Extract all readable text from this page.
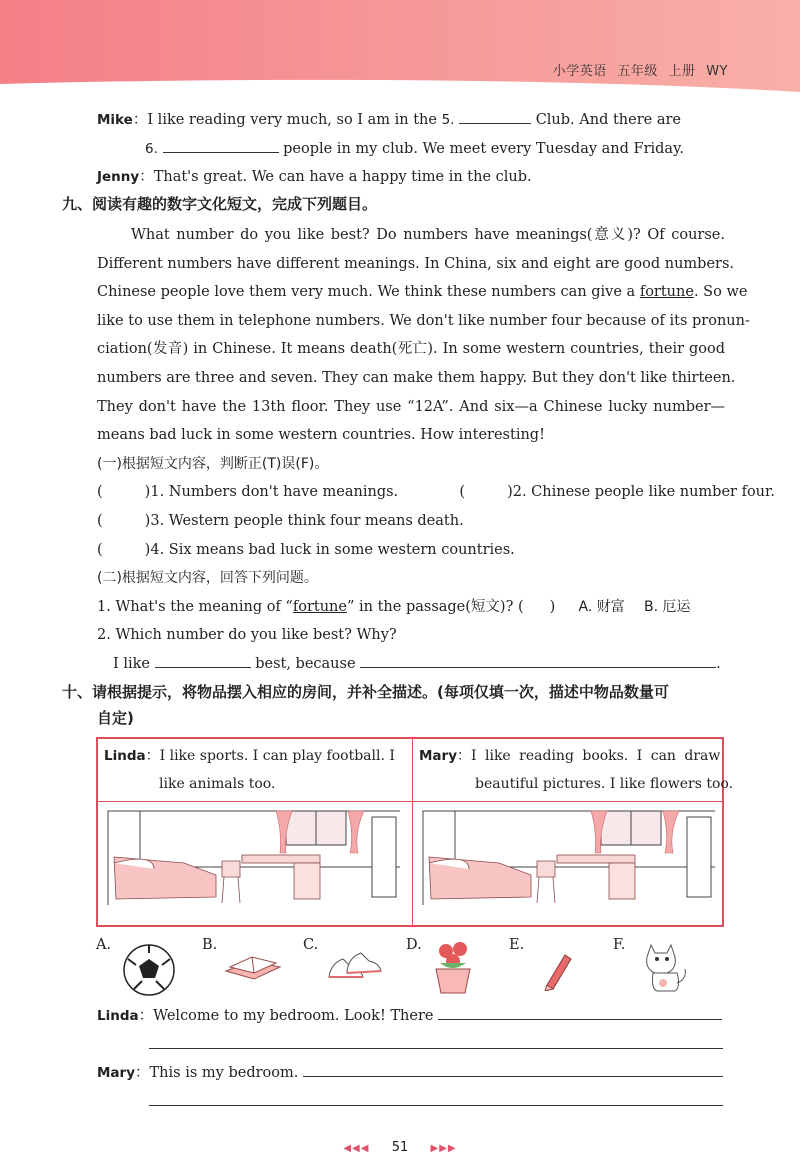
小学英语 五年级 上册 WY
Mike：I like reading very much, so I am in the 5.	Club. And there are
6.	people in my club. We meet every Tuesday and Friday.
Jenny：That's great. We can have a happy time in the club.
九、阅读有趣的数字文化短文，完成下列题目。
What number do you like best? Do numbers have meanings(意义)? Of course.
Different numbers have different meanings. In China, six and eight are good numbers.
Chinese people love them very much. We think these numbers can give a fortune. So we
like to use them in telephone numbers. We don't like number four because of its pronun-
ciation(发音) in Chinese. It means death(死亡). In some western countries, their good
numbers are three and seven. They can make them happy. But they don't like thirteen.
They don't have the 13th floor. They use “12A”. And six—a Chinese lucky number—
means bad luck in some western countries. How interesting!
(一)根据短文内容，判断正(T)误(F)。
(	)1. Numbers don't have meanings.	(	)2. Chinese people like number four.
(	)3. Western people think four means death.
(	)4. Six means bad luck in some western countries.
(二)根据短文内容，回答下列问题。
1. What's the meaning of “fortune” in the passage(短文)? ( ) A. 财富 B. 厄运
2. Which number do you like best? Why?
I like	best, because	.
十、请根据提示，将物品摆入相应的房间，并补全描述。(每项仅填一次，描述中物品数量可
自定)
Linda：I like sports. I can play football. I
like animals too.
Mary：I like reading books. I can draw
beautiful pictures. I like flowers too.
A.	B.	C.	D.	E.	F.
Linda：Welcome to my bedroom. Look! There
Mary：This is my bedroom.
◀◀◀ 51 ▶▶▶
